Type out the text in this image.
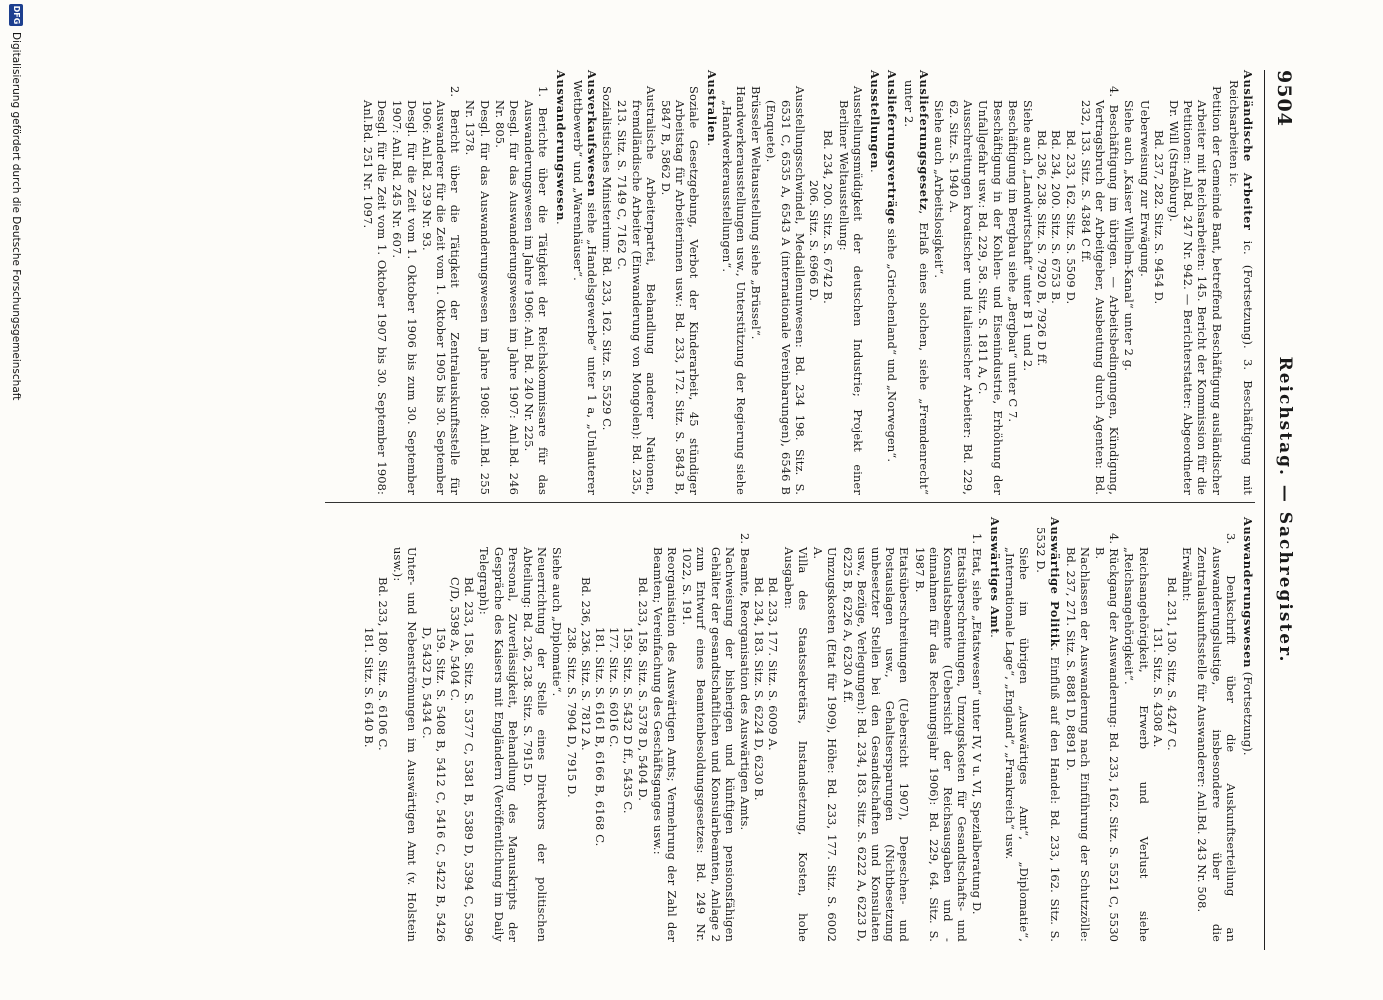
9504
Reichstag. — Sachregister.
Ausländische Arbeiter ic. (Fortsetzung). 3. Beschäftigung mit Reichsarbeiten ic.
Petition der Gemeinde Bant, betreffend Beschäftigung ausländischer Arbeiter mit Reichsarbeiten: 145. Bericht der Kommission für die Petitionen: Anl.Bd. 247 Nr. 942. — Berichterstatter: Abgeordneter Dr. Will (Straßburg).
Bd. 237, 282. Sitz. S. 9454 D.
Ueberweisung zur Erwägung.
Siehe auch „Kaiser Wilhelm-Kanal“ unter 2 g.
4. Beschäftigung im übrigen. — Arbeitsbedingungen, Kündigung, Vertragsbruch der Arbeitgeber, Ausbeutung durch Agenten: Bd. 232, 133. Sitz. S. 4384 C ff.
Bd. 233, 162. Sitz. S. 5509 D.
Bd. 234, 200. Sitz. S. 6753 B.
Bd. 236, 238. Sitz. S. 7920 B, 7926 D ff.
Siehe auch „Landwirtschaft“ unter B 1 und 2.
Beschäftigung im Bergbau siehe „Bergbau“ unter C 7.
Beschäftigung in der Kohlen- und Eisenindustrie, Erhöhung der Unfallgefahr usw.: Bd. 229, 58. Sitz. S. 1811 A, C.
Ausschreitungen kroatischer und italienischer Arbeiter: Bd. 229, 62. Sitz. S. 1940 A.
Siehe auch „Arbeitslosigkeit“.
Auslieferungsgesetz, Erlaß eines solchen, siehe „Fremdenrecht“ unter 2.
Auslieferungsverträge siehe „Griechenland“ und „Norwegen“.
Ausstellungen.
Ausstellungsmüdigkeit der deutschen Industrie; Projekt einer Berliner Weltausstellung:
Bd. 234, 200. Sitz. S. 6742 B.
206. Sitz. S. 6966 D.
Ausstellungsschwindel, Medaillenunwesen: Bd. 234 198. Sitz. S. 6531 C, 6535 A, 6543 A (internationale Vereinbarungen), 6546 B (Enquete).
Brüsseler Weltausstellung siehe „Brüssel“.
Handwerkerausstellungen usw., Unterstützung der Regierung siehe „Handwerkerausstellungen“.
Australien.
Soziale Gesetzgebung, Verbot der Kinderarbeit, 45 stündiger Arbeitstag für Arbeiterinnen usw.: Bd. 233, 172. Sitz. S. 5843 B, 5847 B, 5862 D.
Australische Arbeiterpartei, Behandlung anderer Nationen, fremdländische Arbeiter (Einwanderung von Mongolen): Bd. 235, 213. Sitz. S. 7149 C, 7162 C.
Sozialistisches Ministerium: Bd. 233, 162. Sitz. S. 5529 C.
Ausverkaufswesen siehe „Handelsgewerbe“ unter 1 a, „Unlauterer Wettbewerb“ und „Warenhäuser“.
Auswanderungswesen.
1. Berichte über die Tätigkeit der Reichskommissare für das Auswanderungswesen im Jahre 1906: Anl. Bd. 240 Nr. 225.
Desgl. für das Auswanderungswesen im Jahre 1907: Anl.Bd. 246 Nr. 805.
Desgl. für das Auswanderungswesen im Jahre 1908: Anl.Bd. 255 Nr. 1378.
2. Bericht über die Tätigkeit der Zentralauskunftsstelle für Auswanderer für die Zeit vom 1. Oktober 1905 bis 30. September 1906: Anl.Bd. 239 Nr. 93.
Desgl. für die Zeit vom 1. Oktober 1906 bis zum 30. September 1907: Anl.Bd. 245 Nr. 607.
Desgl. für die Zeit vom 1. Oktober 1907 bis 30. September 1908: Anl.Bd. 251 Nr. 1097.
Auswanderungswesen (Fortsetzung).
3. Denkschrift über die Auskunftserteilung an Auswanderungslustige, insbesondere über die Zentralauskunftsstelle für Auswanderer: Anl.Bd. 243 Nr. 508.
Erwähnt:
Bd. 231, 130. Sitz. S. 4247 C.
131. Sitz. S. 4308 A.
Reichsangehörigkeit, Erwerb und Verlust siehe „Reichsangehörigkeit“.
4. Rückgang der Auswanderung: Bd. 233, 162. Sitz. S. 5521 C, 5530 B.
Nachlassen der Auswanderung nach Einführung der Schutzzölle: Bd. 237, 271. Sitz. S. 8881 D, 8891 D.
Auswärtige Politik. Einfluß auf den Handel: Bd. 233, 162. Sitz. S. 5532 D.
Siehe im übrigen „Auswärtiges Amt“, „Diplomatie“, „Internationale Lage“, „England“, „Frankreich“ usw.
Auswärtiges Amt.
1. Etat, siehe „Etatswesen“ unter IV, V u. VI, Spezialberatung D.
Etatsüberschreitungen, Umzugskosten für Gesandtschafts- und Konsulatsbeamte (Uebersicht der Reichsausgaben und -einnahmen für das Rechnungsjahr 1906): Bd. 229, 64. Sitz. S. 1987 B.
Etatsüberschreitungen (Uebersicht 1907), Depeschen- und Postauslagen usw., Gehaltsersparungen (Nichtbesetzung unbesetzter Stellen bei den Gesandtschaften und Konsulaten usw., Bezüge, Verlegungen): Bd. 234, 183. Sitz. S. 6222 A, 6223 D, 6225 B, 6226 A, 6230 A ff.
Umzugskosten (Etat für 1909), Höhe: Bd. 233, 177. Sitz. S. 6002 A.
Villa des Staatssekretärs, Instandsetzung, Kosten, hohe Ausgaben:
Bd. 233, 177. Sitz. S. 6009 A.
Bd. 234, 183. Sitz. S. 6224 D, 6230 B.
2. Beamte, Reorganisation des Auswärtigen Amts.
Nachweisung der bisherigen und künftigen pensionsfähigen Gehälter der gesandtschaftlichen und Konsularbeamten, Anlage 2 zum Entwurf eines Beamtenbesoldungsgesetzes: Bd. 249 Nr. 1022, S. 191.
Reorganisation des Auswärtigen Amts; Vermehrung der Zahl der Beamten; Vereinfachung des Geschäftsganges usw.:
Bd. 233, 158. Sitz. S. 5378 D, 5404 D.
159. Sitz. S. 5432 D ff., 5435 C.
177. Sitz. S. 6016 C.
181. Sitz. S. 6161 B, 6166 B, 6168 C.
Bd. 236, 236. Sitz. S. 7812 A.
238. Sitz. S. 7904 D, 7915 D.
Siehe auch „Diplomatie“.
Neuerrichtung der Stelle eines Direktors der politischen Abteilung: Bd. 236, 238. Sitz. S. 7915 D.
Personal, Zuverlässigkeit, Behandlung des Manuskripts der Gespräche des Kaisers mit Engländern (Veröffentlichung im Daily Telegraph):
Bd. 233, 158. Sitz. S. 5377 C, 5381 B, 5389 D, 5394 C, 5396 C/D, 5398 A, 5404 C.
159. Sitz. S. 5408 B, 5412 C, 5416 C, 5422 B, 5426 D, 5432 D, 5434 C.
Unter- und Nebenströmungen im Auswärtigen Amt (v. Holstein usw.):
Bd. 233, 180. Sitz. S. 6106 C.
181. Sitz. S. 6140 B.
DFG
Digitalisierung gefördert durch die Deutsche Forschungsgemeinschaft
